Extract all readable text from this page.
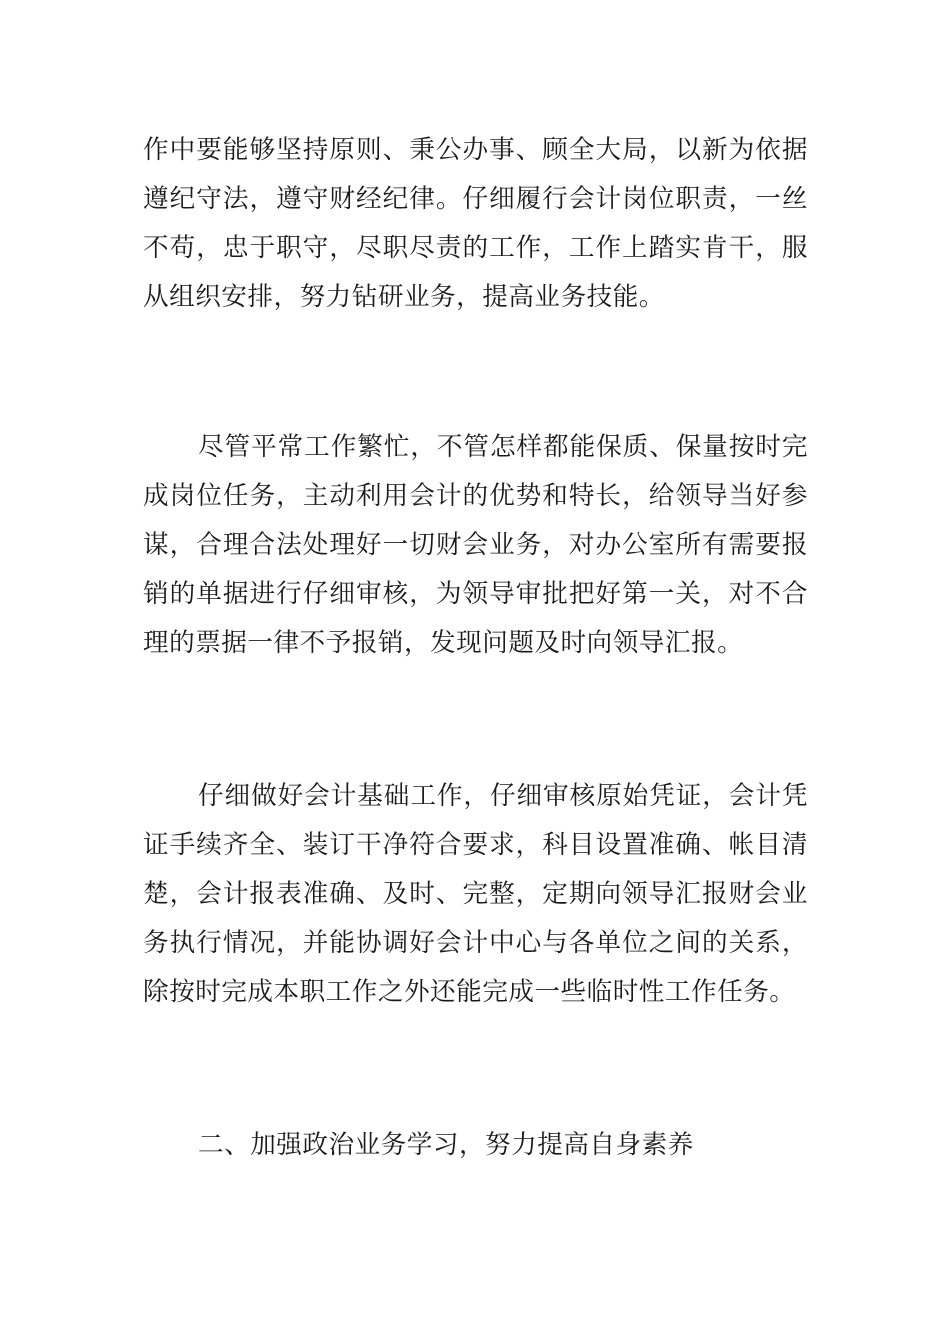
作中要能够坚持原则、秉公办事、顾全大局，以新为依据遵纪守法，遵守财经纪律。仔细履行会计岗位职责，一丝不苟，忠于职守，尽职尽责的工作，工作上踏实肯干，服从组织安排，努力钻研业务，提高业务技能。

尽管平常工作繁忙，不管怎样都能保质、保量按时完成岗位任务，主动利用会计的优势和特长，给领导当好参谋，合理合法处理好一切财会业务，对办公室所有需要报销的单据进行仔细审核，为领导审批把好第一关，对不合理的票据一律不予报销，发现问题及时向领导汇报。

仔细做好会计基础工作，仔细审核原始凭证，会计凭证手续齐全、装订干净符合要求，科目设置准确、帐目清楚，会计报表准确、及时、完整，定期向领导汇报财会业务执行情况，并能协调好会计中心与各单位之间的关系，除按时完成本职工作之外还能完成一些临时性工作任务。

二、加强政治业务学习，努力提高自身素养
